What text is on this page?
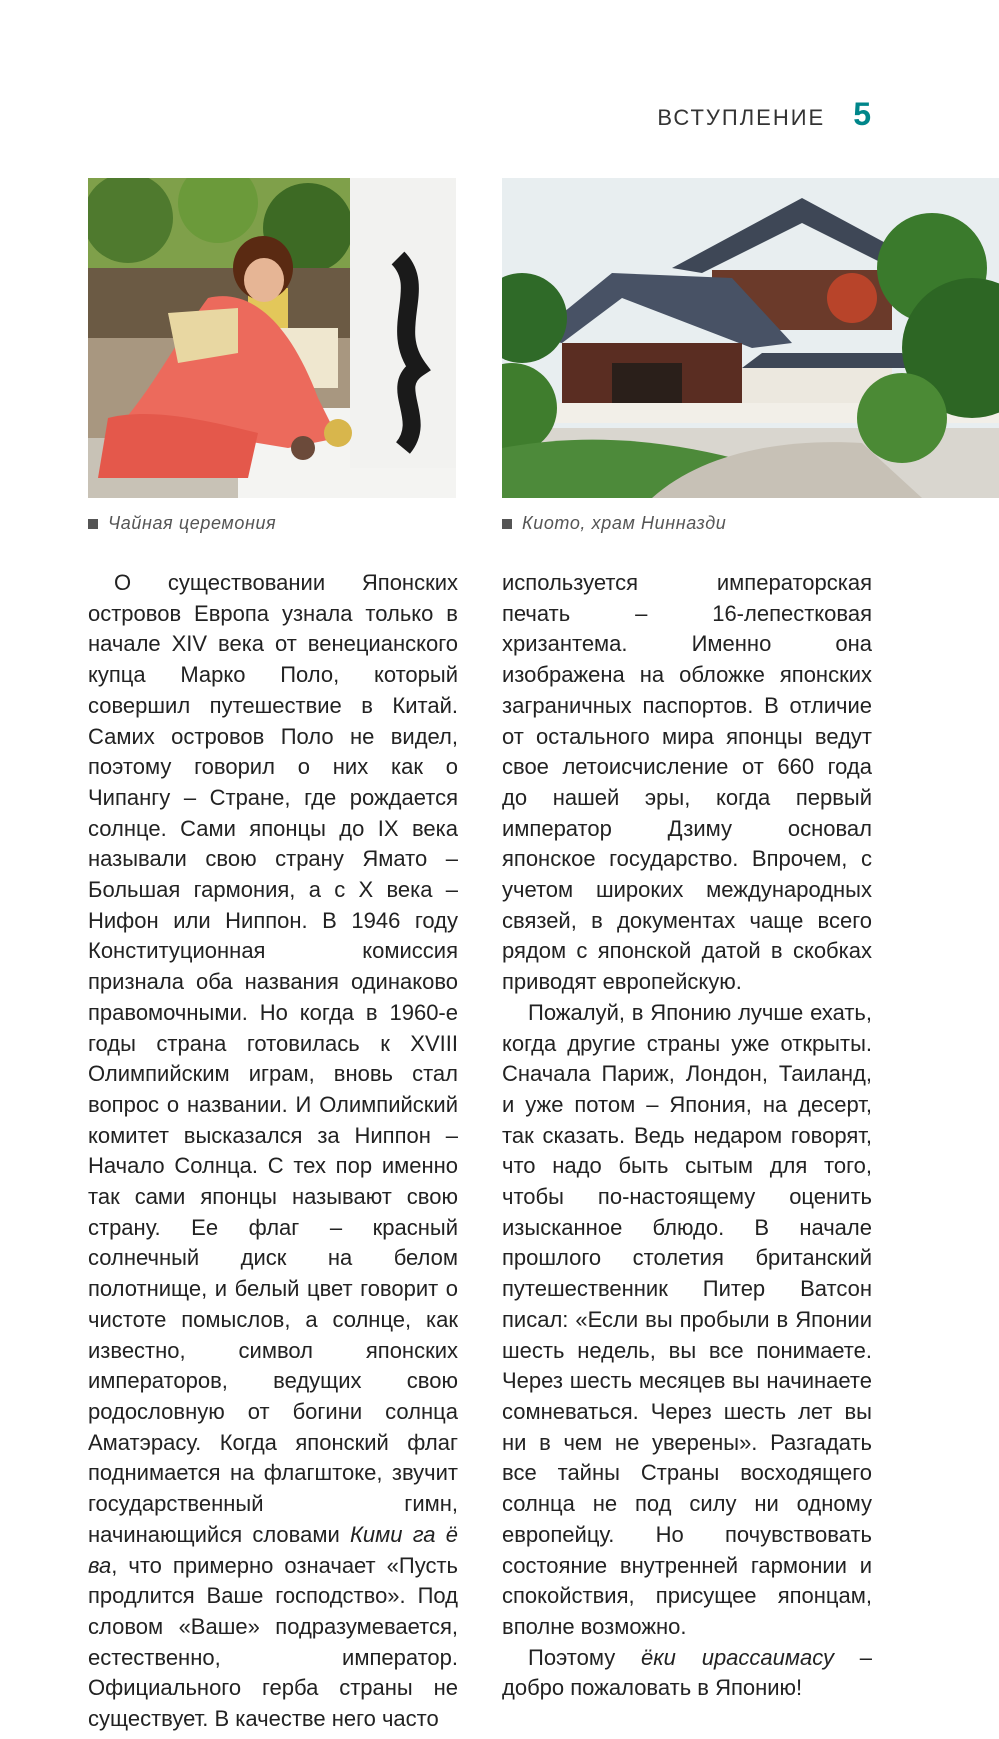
ВСТУПЛЕНИЕ 5
Чайная церемония	Киото, храм Нинназди

О существовании Японских островов Европа узнала только в начале XIV века от венецианского купца Марко Поло, который совершил путешествие в Китай. Самих островов Поло не видел, поэтому говорил о них как о Чипангу – Стране, где рождается солнце. Сами японцы до IX века называли свою страну Ямато – Большая гармония, а с X века – Нифон или Ниппон. В 1946 году Конституционная комиссия признала оба названия одинаково правомочными. Но когда в 1960-е годы страна готовилась к XVIII Олимпийским играм, вновь стал вопрос о названии. И Олимпийский комитет высказался за Ниппон – Начало Солнца. С тех пор именно так сами японцы называют свою страну. Ее флаг – красный солнечный диск на белом полотнище, и белый цвет говорит о чистоте помыслов, а солнце, как известно, символ японских императоров, ведущих свою родословную от богини солнца Аматэрасу. Когда японский флаг поднимается на флагштоке, звучит государственный гимн, начинающийся словами Кими га ё ва, что примерно означает «Пусть продлится Ваше господство». Под словом «Ваше» подразумевается, естественно, император. Официального герба страны не существует. В качестве него часто

используется императорская печать – 16-лепестковая хризантема. Именно она изображена на обложке японских заграничных паспортов. В отличие от остального мира японцы ведут свое летоисчисление от 660 года до нашей эры, когда первый император Дзиму основал японское государство. Впрочем, с учетом широких международных связей, в документах чаще всего рядом с японской датой в скобках приводят европейскую.

Пожалуй, в Японию лучше ехать, когда другие страны уже открыты. Сначала Париж, Лондон, Таиланд, и уже потом – Япония, на десерт, так сказать. Ведь недаром говорят, что надо быть сытым для того, чтобы по-настоящему оценить изысканное блюдо. В начале прошлого столетия британский путешественник Питер Ватсон писал: «Если вы пробыли в Японии шесть недель, вы все понимаете. Через шесть месяцев вы начинаете сомневаться. Через шесть лет вы ни в чем не уверены». Разгадать все тайны Страны восходящего солнца не под силу ни одному европейцу. Но почувствовать состояние внутренней гармонии и спокойствия, присущее японцам, вполне возможно.

Поэтому ёки ирассаимасу – добро пожаловать в Японию!
